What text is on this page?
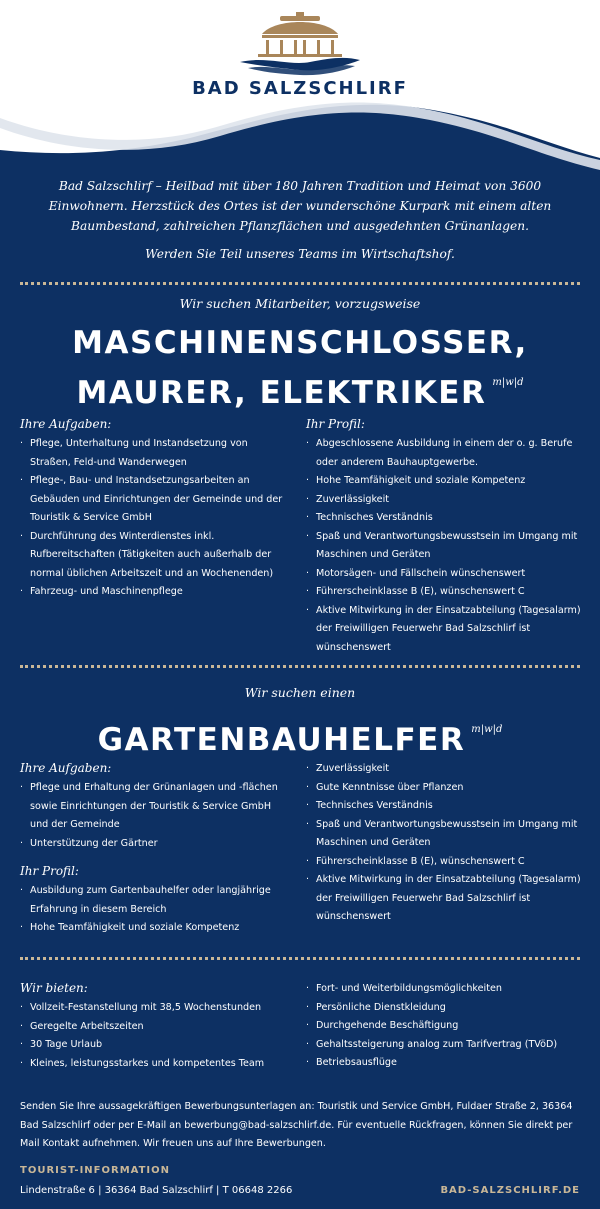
BAD SALZSCHLIRF

Bad Salzschlirf – Heilbad mit über 180 Jahren Tradition und Heimat von 3600 Einwohnern. Herzstück des Ortes ist der wunderschöne Kurpark mit einem alten Baumbestand, zahlreichen Pflanzflächen und ausgedehnten Grünanlagen.

Werden Sie Teil unseres Teams im Wirtschaftshof.

Wir suchen Mitarbeiter, vorzugsweise
MASCHINENSCHLOSSER,
MAURER, ELEKTRIKER $^{m|w|d}$
Ihre Aufgaben:
· Pflege, Unterhaltung und Instandsetzung von Straßen, Feld-und Wanderwegen
· Pflege-, Bau- und Instandsetzungsarbeiten an Gebäuden und Einrichtungen der Gemeinde und der Touristik & Service GmbH
· Durchführung des Winterdienstes inkl. Rufbereitschaften (Tätigkeiten auch außerhalb der normal üblichen Arbeitszeit und an Wochenenden)
· Fahrzeug- und Maschinenpflege
Ihr Profil:
· Abgeschlossene Ausbildung in einem der o. g. Berufe oder anderem Bauhauptgewerbe.
· Hohe Teamfähigkeit und soziale Kompetenz
· Zuverlässigkeit
· Technisches Verständnis
· Spaß und Verantwortungsbewusstsein im Umgang mit Maschinen und Geräten
· Motorsägen- und Fällschein wünschenswert
· Führerscheinklasse B (E), wünschenswert C
· Aktive Mitwirkung in der Einsatzabteilung (Tagesalarm) der Freiwilligen Feuerwehr Bad Salzschlirf ist wünschenswert
Wir suchen einen
GARTENBAUHELFER $^{m|w|d}$
Ihre Aufgaben:
· Pflege und Erhaltung der Grünanlagen und -flächen sowie Einrichtungen der Touristik & Service GmbH und der Gemeinde
· Unterstützung der Gärtner
Ihr Profil:
· Ausbildung zum Gartenbauhelfer oder langjährige Erfahrung in diesem Bereich
· Hohe Teamfähigkeit und soziale Kompetenz
· Zuverlässigkeit
· Gute Kenntnisse über Pflanzen
· Technisches Verständnis
· Spaß und Verantwortungsbewusstsein im Umgang mit Maschinen und Geräten
· Führerscheinklasse B (E), wünschenswert C
· Aktive Mitwirkung in der Einsatzabteilung (Tagesalarm) der Freiwilligen Feuerwehr Bad Salzschlirf ist wünschenswert
Wir bieten:
· Vollzeit-Festanstellung mit 38,5 Wochenstunden
· Geregelte Arbeitszeiten
· 30 Tage Urlaub
· Kleines, leistungsstarkes und kompetentes Team
· Fort- und Weiterbildungsmöglichkeiten
· Persönliche Dienstkleidung
· Durchgehende Beschäftigung
· Gehaltssteigerung analog zum Tarifvertrag (TVöD)
· Betriebsausflüge
Senden Sie Ihre aussagekräftigen Bewerbungsunterlagen an: Touristik und Service GmbH, Fuldaer Straße 2, 36364 Bad Salzschlirf oder per E-Mail an bewerbung@bad-salzschlirf.de. Für eventuelle Rückfragen, können Sie direkt per Mail Kontakt aufnehmen. Wir freuen uns auf Ihre Bewerbungen.
TOURIST-INFORMATION
Lindenstraße 6 | 36364 Bad Salzschlirf | T 06648 2266	BAD-SALZSCHLIRF.DE
